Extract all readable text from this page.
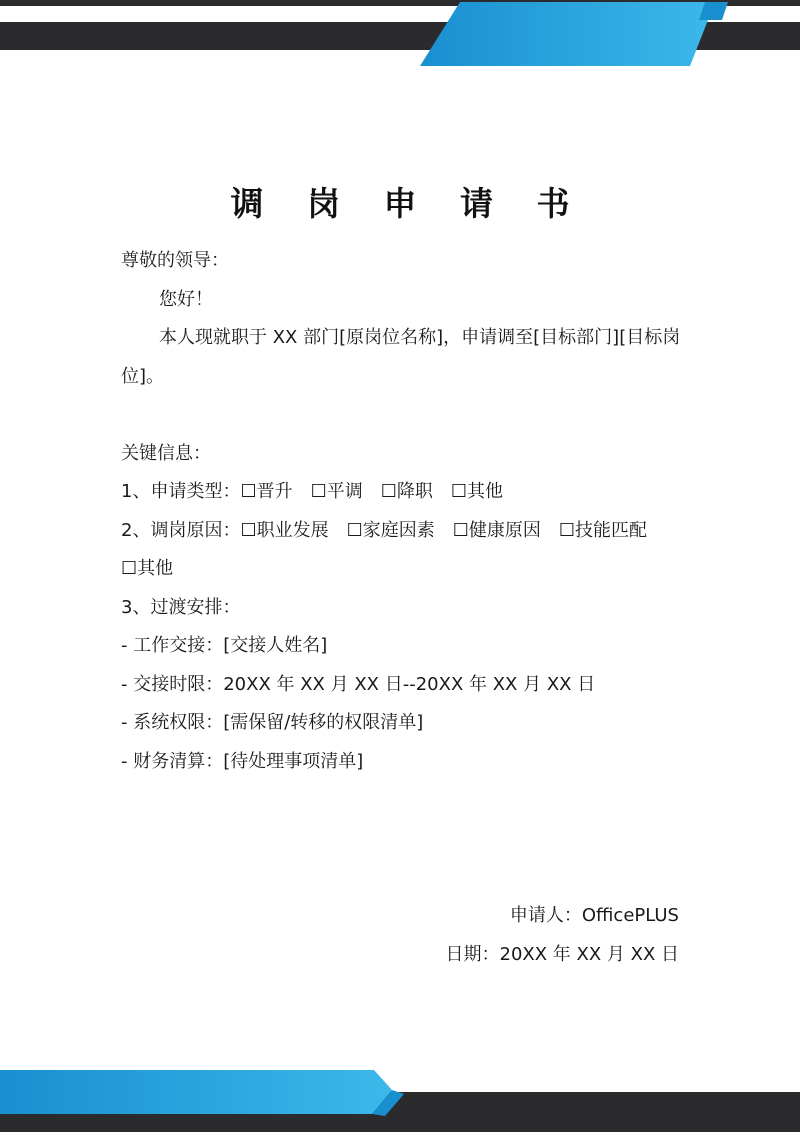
调 岗 申 请 书
尊敬的领导：
您好！
本人现就职于 XX 部门[原岗位名称]，申请调至[目标部门][目标岗位]。
关键信息：
1、申请类型：☐晋升 ☐平调 ☐降职 ☐其他
2、调岗原因：☐职业发展 ☐家庭因素 ☐健康原因 ☐技能匹配
☐其他
3、过渡安排：
- 工作交接：[交接人姓名]
- 交接时限：20XX 年 XX 月 XX 日--20XX 年 XX 月 XX 日
- 系统权限：[需保留/转移的权限清单]
- 财务清算：[待处理事项清单]
申请人：OfficePLUS
日期：20XX 年 XX 月 XX 日
